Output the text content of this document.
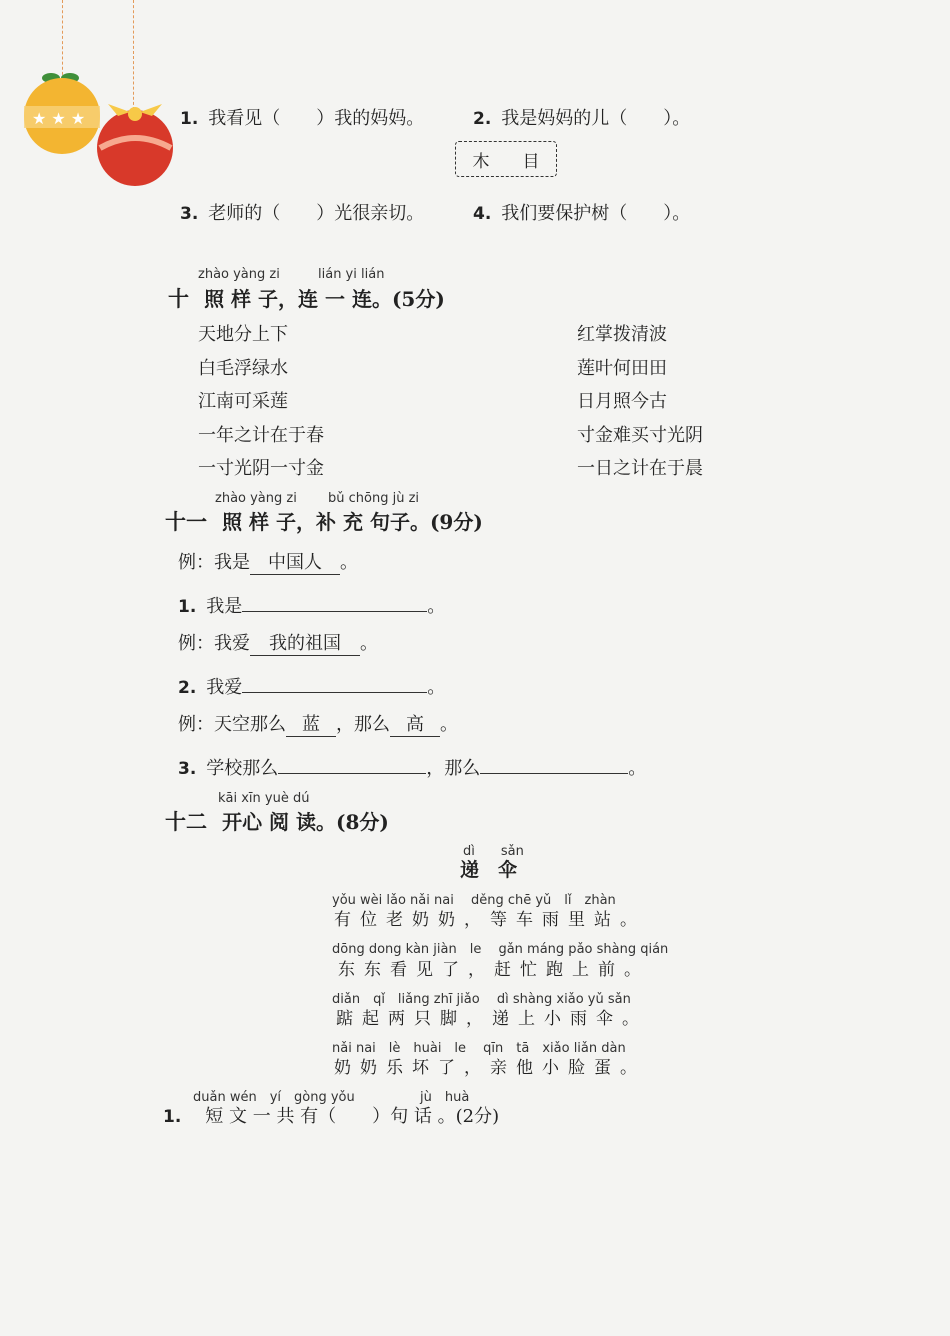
★ ★ ★	1. 我看见（　　）我的妈妈。	2. 我是妈妈的儿（　　）。
木 目
3. 老师的（　　）光很亲切。	4. 我们要保护树（　　）。
zhào yàng zi	lián yi lián
十 照 样 子，连 一 连。(5分)
天地分上下
白毛浮绿水
江南可采莲
一年之计在于春
一寸光阴一寸金
红掌拨清波
莲叶何田田
日月照今古
寸金难买寸光阴
一日之计在于晨
zhào yàng zi bǔ chōng jù zi
十一 照 样 子，补 充 句子。(9分)
例：我是 中国人 。
1. 我是	。
例：我爱 我的祖国 。
2. 我爱	。
例：天空那么 蓝 ，那么 高 。
3. 学校那么	，那么	。
kāi xīn yuè dú
十二 开心 阅 读。(8分)
dì　　sǎn
递　伞
yǒu wèi lǎo nǎi nai　 děng chē yǔ　lǐ　zhàn
有位老奶奶，等车雨里站。
dōng dong kàn jiàn　le　 gǎn máng pǎo shàng qián
东东看见了，赶忙跑上前。
diǎn　qǐ　liǎng zhī jiǎo　 dì shàng xiǎo yǔ sǎn
踮起两只脚，递上小雨伞。
nǎi nai　lè　huài　le　 qīn　tā　xiǎo liǎn dàn
奶奶乐坏了，亲他小脸蛋。
duǎn wén　yí　gòng yǒu	jù　huà
1. 短 文 一 共 有（　　）句 话 。(2分)
